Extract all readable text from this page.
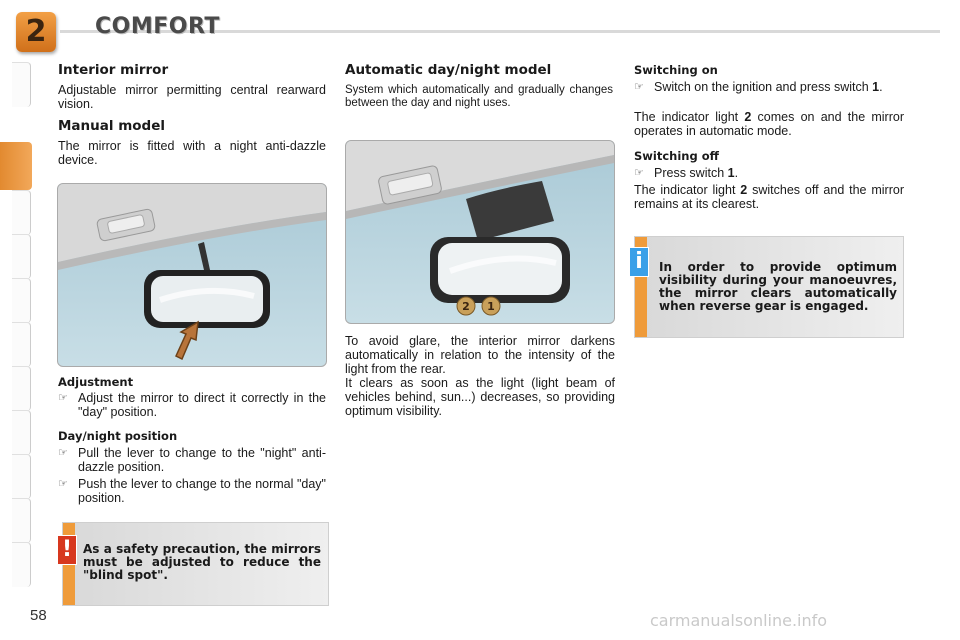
2	COMFORT
Interior mirror
Adjustable mirror permitting central rearward vision.
Manual model
The mirror is fitted with a night anti-dazzle device.
Adjustment
☞ Adjust the mirror to direct it correctly in the "day" position.
Day/night position
☞ Pull the lever to change to the "night" anti-dazzle position.
☞ Push the lever to change to the normal "day" position.
! As a safety precaution, the mirrors must be adjusted to reduce the "blind spot".
Automatic day/night model
System which automatically and gradually changes between the day and night uses.
2 1
To avoid glare, the interior mirror darkens automatically in relation to the intensity of the light from the rear.
It clears as soon as the light (light beam of vehicles behind, sun...) decreases, so providing optimum visibility.
Switching on
☞ Switch on the ignition and press switch 1.
The indicator light 2 comes on and the mirror operates in automatic mode.
Switching off
☞ Press switch 1.
The indicator light 2 switches off and the mirror remains at its clearest.
i	In order to provide optimum visibility during your manoeuvres, the mirror clears automatically when reverse gear is engaged.
58	carmanualsonline.info
